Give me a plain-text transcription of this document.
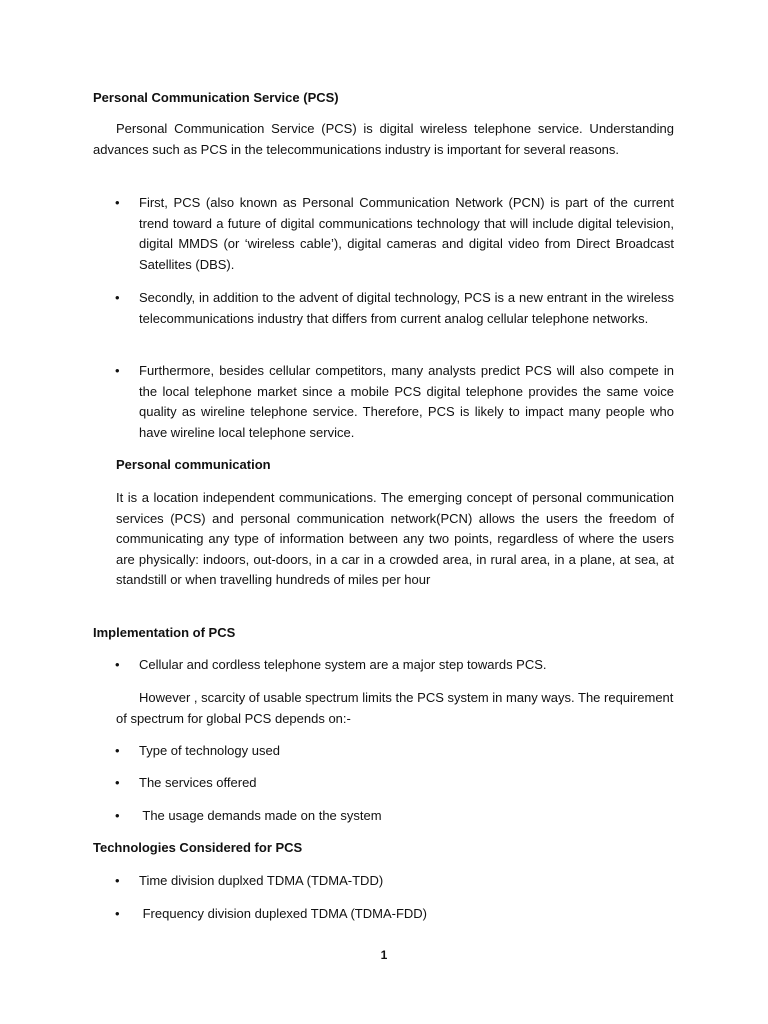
Personal Communication Service (PCS)
Personal Communication Service (PCS) is digital wireless telephone service. Understanding advances such as PCS in the telecommunications industry is important for several reasons.
•	First, PCS (also known as Personal Communication Network (PCN) is part of the current trend toward a future of digital communications technology that will include digital television, digital MMDS (or ‘wireless cable’), digital cameras and digital video from Direct Broadcast Satellites (DBS).
•	Secondly, in addition to the advent of digital technology, PCS is a new entrant in the wireless telecommunications industry that differs from current analog cellular telephone networks.
•	Furthermore, besides cellular competitors, many analysts predict PCS will also compete in the local telephone market since a mobile PCS digital telephone provides the same voice quality as wireline telephone service. Therefore, PCS is likely to impact many people who have wireline local telephone service.
Personal communication
It is a location independent communications. The emerging concept of personal communication services (PCS) and personal communication network(PCN) allows the users the freedom of communicating any type of information between any two points, regardless of where the users are physically: indoors, out-doors, in a car in a crowded area, in rural area, in a plane, at sea, at standstill or when travelling hundreds of miles per hour
Implementation of PCS
•	Cellular and cordless telephone system are a major step towards PCS.
However , scarcity of usable spectrum limits the PCS system in many ways. The requirement of spectrum for global PCS depends on:-
•	Type of technology used
•	The services offered
•	The usage demands made on the system
Technologies Considered for PCS
•	Time division duplxed TDMA (TDMA-TDD)
•	Frequency division duplexed TDMA (TDMA-FDD)
1
